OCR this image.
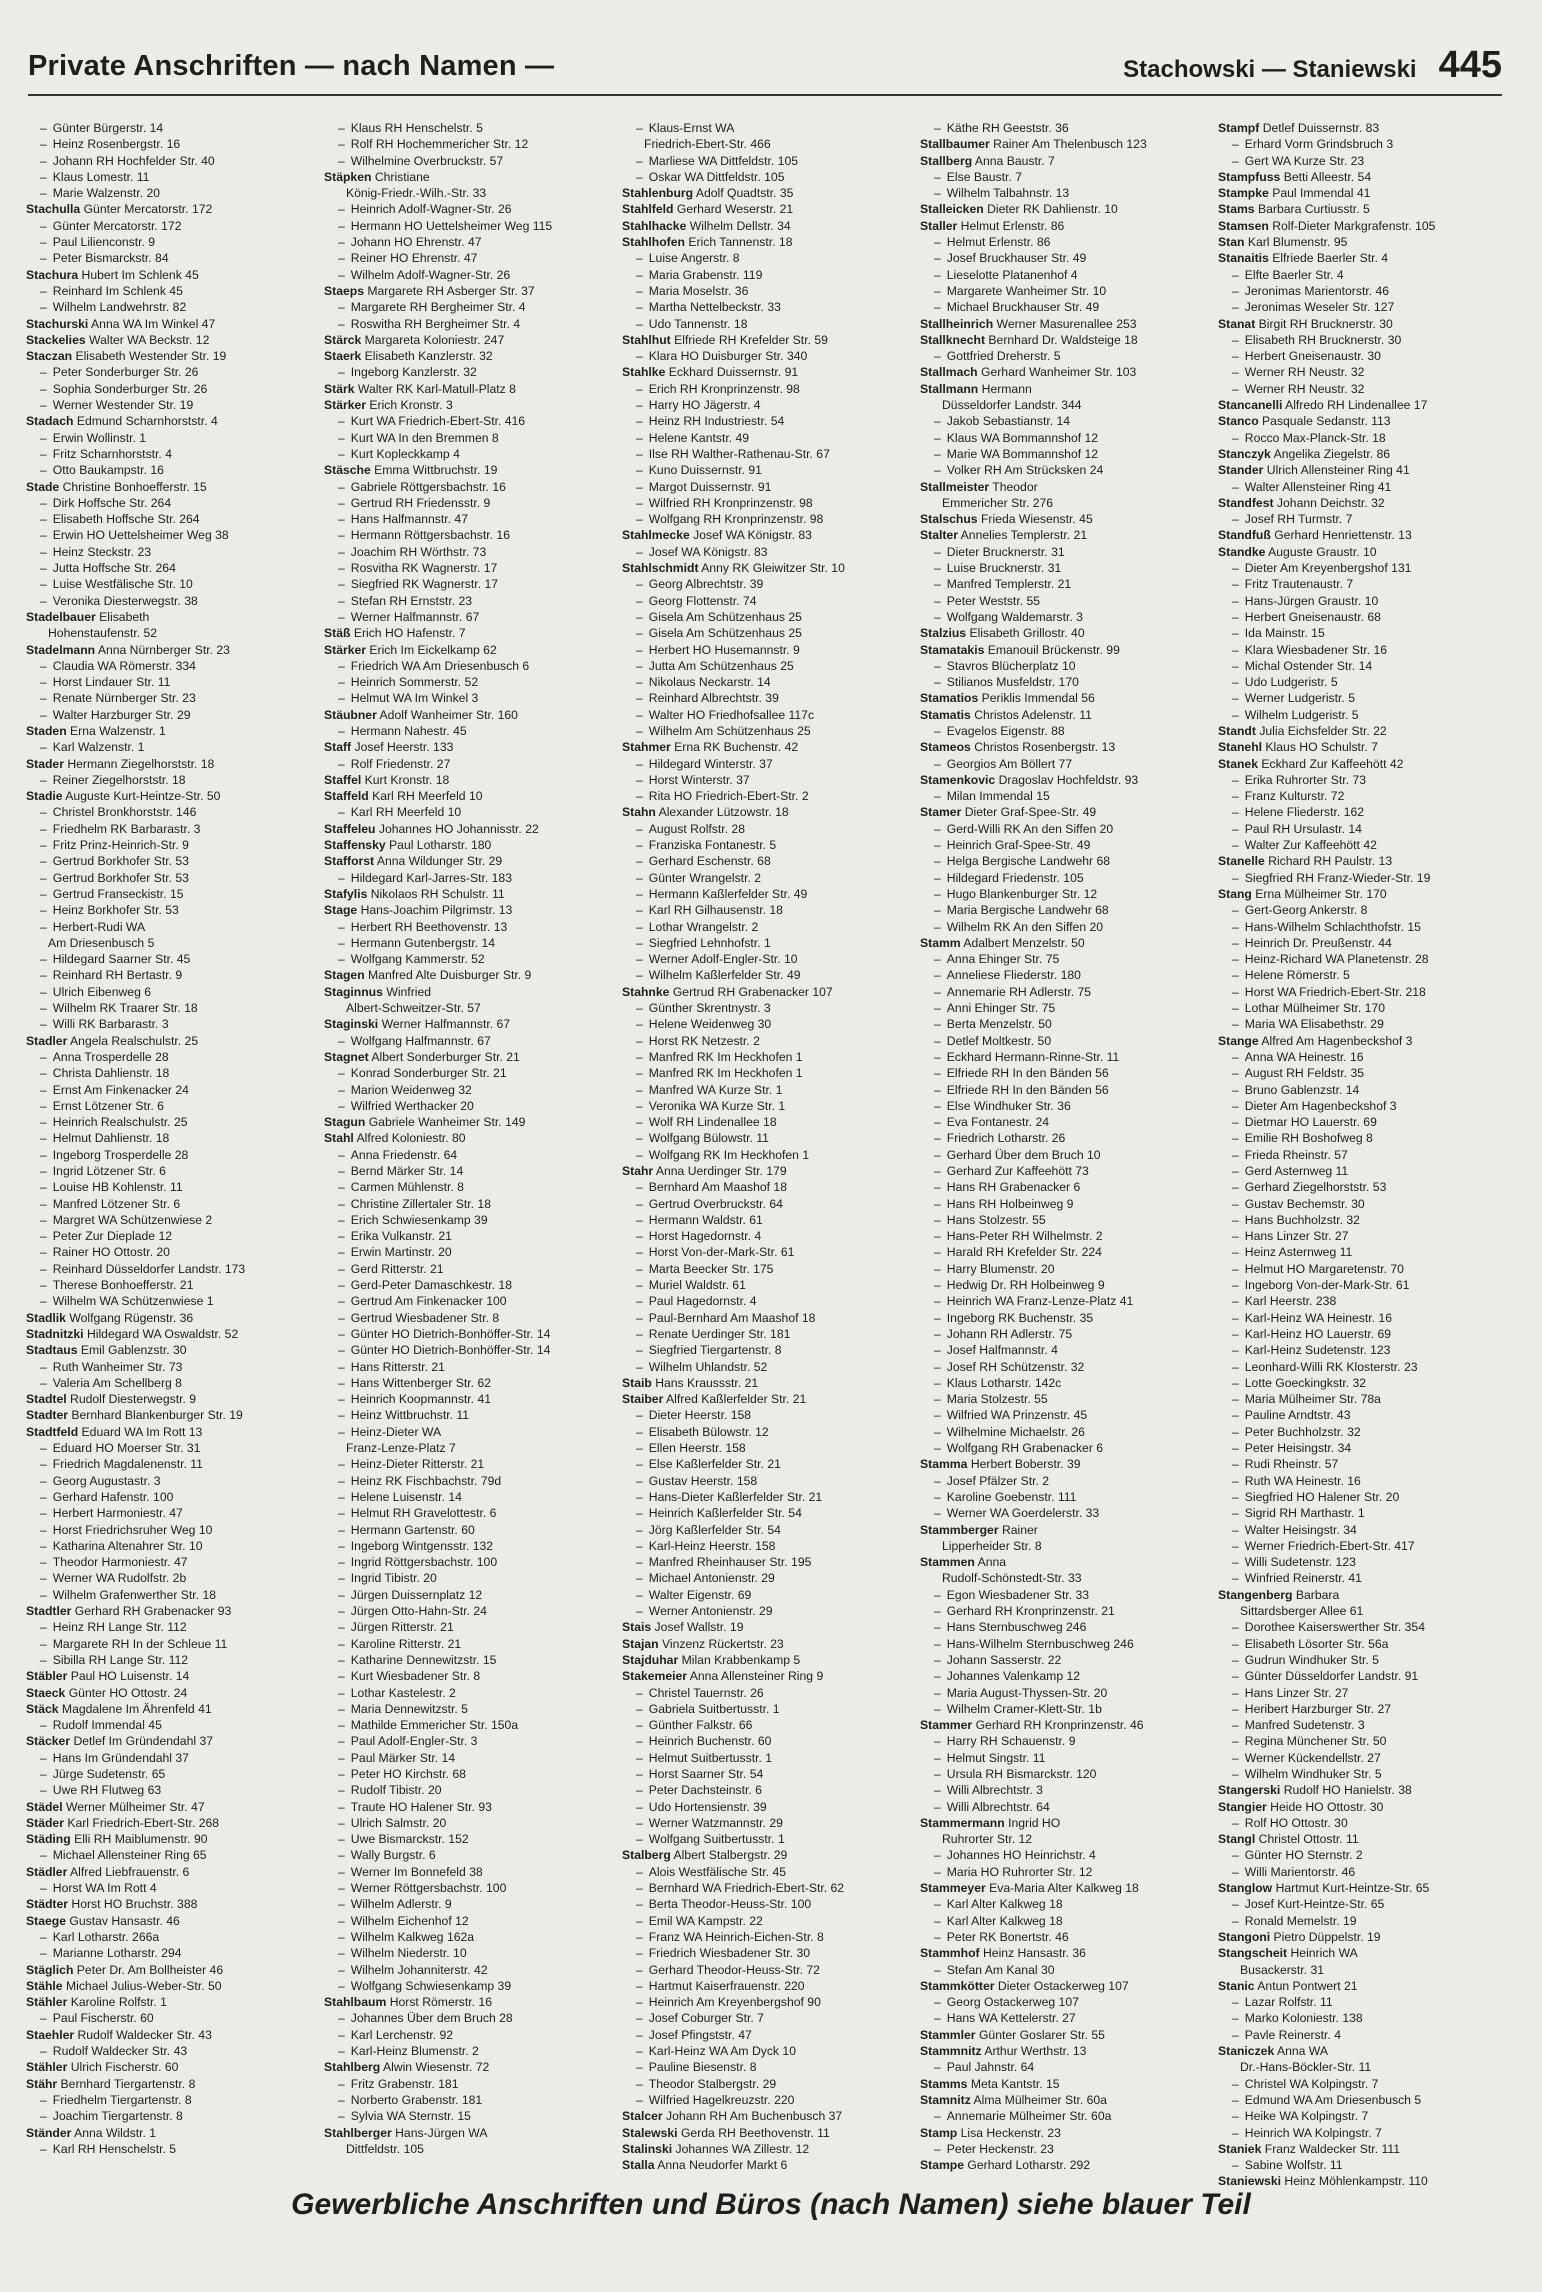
Private Anschriften — nach Namen —	Stachowski — Staniewski 445
– Günter Bürgerstr. 14
– Heinz Rosenbergstr. 16
– Johann RH Hochfelder Str. 40
– Klaus Lomestr. 11
– Marie Walzenstr. 20
Stachulla Günter Mercatorstr. 172
– Günter Mercatorstr. 172
– Paul Lilienconstr. 9
– Peter Bismarckstr. 84
Stachura Hubert Im Schlenk 45
– Reinhard Im Schlenk 45
– Wilhelm Landwehrstr. 82
Stachurski Anna WA Im Winkel 47
Stackelies Walter WA Beckstr. 12
Staczan Elisabeth Westender Str. 19
– Peter Sonderburger Str. 26
– Sophia Sonderburger Str. 26
– Werner Westender Str. 19
Stadach Edmund Scharnhorststr. 4
– Erwin Wollinstr. 1
– Fritz Scharnhorststr. 4
– Otto Baukampstr. 16
Stade Christine Bonhoefferstr. 15
– Dirk Hoffsche Str. 264
– Elisabeth Hoffsche Str. 264
– Erwin HO Uettelsheimer Weg 38
– Heinz Steckstr. 23
– Jutta Hoffsche Str. 264
– Luise Westfälische Str. 10
– Veronika Diesterwegstr. 38
Stadelbauer Elisabeth
Hohenstaufenstr. 52
Stadelmann Anna Nürnberger Str. 23
– Claudia WA Römerstr. 334
– Horst Lindauer Str. 11
– Renate Nürnberger Str. 23
– Walter Harzburger Str. 29
Staden Erna Walzenstr. 1
– Karl Walzenstr. 1
Stader Hermann Ziegelhorststr. 18
– Reiner Ziegelhorststr. 18
Stadie Auguste Kurt-Heintze-Str. 50
– Christel Bronkhorststr. 146
– Friedhelm RK Barbarastr. 3
– Fritz Prinz-Heinrich-Str. 9
– Gertrud Borkhofer Str. 53
– Gertrud Borkhofer Str. 53
– Gertrud Franseckistr. 15
– Heinz Borkhofer Str. 53
– Herbert-Rudi WA
Am Driesenbusch 5
– Hildegard Saarner Str. 45
– Reinhard RH Bertastr. 9
– Ulrich Eibenweg 6
– Wilhelm RK Traarer Str. 18
– Willi RK Barbarastr. 3
Stadler Angela Realschulstr. 25
– Anna Trosperdelle 28
– Christa Dahlienstr. 18
– Ernst Am Finkenacker 24
– Ernst Lötzener Str. 6
– Heinrich Realschulstr. 25
– Helmut Dahlienstr. 18
– Ingeborg Trosperdelle 28
– Ingrid Lötzener Str. 6
– Louise HB Kohlenstr. 11
– Manfred Lötzener Str. 6
– Margret WA Schützenwiese 2
– Peter Zur Dieplade 12
– Rainer HO Ottostr. 20
– Reinhard Düsseldorfer Landstr. 173
– Therese Bonhoefferstr. 21
– Wilhelm WA Schützenwiese 1
Stadlik Wolfgang Rügenstr. 36
Stadnitzki Hildegard WA Oswaldstr. 52
Stadtaus Emil Gablenzstr. 30
– Ruth Wanheimer Str. 73
– Valeria Am Schellberg 8
Stadtel Rudolf Diesterwegstr. 9
Stadter Bernhard Blankenburger Str. 19
Stadtfeld Eduard WA Im Rott 13
– Eduard HO Moerser Str. 31
– Friedrich Magdalenenstr. 11
– Georg Augustastr. 3
– Gerhard Hafenstr. 100
– Herbert Harmoniestr. 47
– Horst Friedrichsruher Weg 10
– Katharina Altenahrer Str. 10
– Theodor Harmoniestr. 47
– Werner WA Rudolfstr. 2b
– Wilhelm Grafenwerther Str. 18
Stadtler Gerhard RH Grabenacker 93
– Heinz RH Lange Str. 112
– Margarete RH In der Schleue 11
– Sibilla RH Lange Str. 112
Stäbler Paul HO Luisenstr. 14
Staeck Günter HO Ottostr. 24
Stäck Magdalene Im Ährenfeld 41
– Rudolf Immendal 45
Stäcker Detlef Im Gründendahl 37
– Hans Im Gründendahl 37
– Jürge Sudetenstr. 65
– Uwe RH Flutweg 63
Städel Werner Mülheimer Str. 47
Städer Karl Friedrich-Ebert-Str. 268
Städing Elli RH Maiblumenstr. 90
– Michael Allensteiner Ring 65
Städler Alfred Liebfrauenstr. 6
– Horst WA Im Rott 4
Städter Horst HO Bruchstr. 388
Staege Gustav Hansastr. 46
– Karl Lotharstr. 266a
– Marianne Lotharstr. 294
Stäglich Peter Dr. Am Bollheister 46
Stähle Michael Julius-Weber-Str. 50
Stähler Karoline Rolfstr. 1
– Paul Fischerstr. 60
Staehler Rudolf Waldecker Str. 43
– Rudolf Waldecker Str. 43
Stähler Ulrich Fischerstr. 60
Stähr Bernhard Tiergartenstr. 8
– Friedhelm Tiergartenstr. 8
– Joachim Tiergartenstr. 8
Ständer Anna Wildstr. 1
– Karl RH Henschelstr. 5
– Klaus RH Henschelstr. 5
– Rolf RH Hochemmericher Str. 12
– Wilhelmine Overbruckstr. 57
Stäpken Christiane
König-Friedr.-Wilh.-Str. 33
– Heinrich Adolf-Wagner-Str. 26
– Hermann HO Uettelsheimer Weg 115
– Johann HO Ehrenstr. 47
– Reiner HO Ehrenstr. 47
– Wilhelm Adolf-Wagner-Str. 26
Staeps Margarete RH Asberger Str. 37
– Margarete RH Bergheimer Str. 4
– Roswitha RH Bergheimer Str. 4
Stärck Margareta Koloniestr. 247
Staerk Elisabeth Kanzlerstr. 32
– Ingeborg Kanzlerstr. 32
Stärk Walter RK Karl-Matull-Platz 8
Stärker Erich Kronstr. 3
– Kurt WA Friedrich-Ebert-Str. 416
– Kurt WA In den Bremmen 8
– Kurt Kopleckkamp 4
Stäsche Emma Wittbruchstr. 19
– Gabriele Röttgersbachstr. 16
– Gertrud RH Friedensstr. 9
– Hans Halfmannstr. 47
– Hermann Röttgersbachstr. 16
– Joachim RH Wörthstr. 73
– Rosvitha RK Wagnerstr. 17
– Siegfried RK Wagnerstr. 17
– Stefan RH Ernststr. 23
– Werner Halfmannstr. 67
Stäß Erich HO Hafenstr. 7
Stärker Erich Im Eickelkamp 62
– Friedrich WA Am Driesenbusch 6
– Heinrich Sommerstr. 52
– Helmut WA Im Winkel 3
Stäubner Adolf Wanheimer Str. 160
– Hermann Nahestr. 45
Staff Josef Heerstr. 133
– Rolf Friedenstr. 27
Staffel Kurt Kronstr. 18
Staffeld Karl RH Meerfeld 10
– Karl RH Meerfeld 10
Staffeleu Johannes HO Johannisstr. 22
Staffensky Paul Lotharstr. 180
Stafforst Anna Wildunger Str. 29
– Hildegard Karl-Jarres-Str. 183
Stafylis Nikolaos RH Schulstr. 11
Stage Hans-Joachim Pilgrimstr. 13
– Herbert RH Beethovenstr. 13
– Hermann Gutenbergstr. 14
– Wolfgang Kammerstr. 52
Stagen Manfred Alte Duisburger Str. 9
Staginnus Winfried
Albert-Schweitzer-Str. 57
Staginski Werner Halfmannstr. 67
– Wolfgang Halfmannstr. 67
Stagnet Albert Sonderburger Str. 21
– Konrad Sonderburger Str. 21
– Marion Weidenweg 32
– Wilfried Werthacker 20
Stagun Gabriele Wanheimer Str. 149
Stahl Alfred Koloniestr. 80
– Anna Friedenstr. 64
– Bernd Märker Str. 14
– Carmen Mühlenstr. 8
– Christine Zillertaler Str. 18
– Erich Schwiesenkamp 39
– Erika Vulkanstr. 21
– Erwin Martinstr. 20
– Gerd Ritterstr. 21
– Gerd-Peter Damaschkestr. 18
– Gertrud Am Finkenacker 100
– Gertrud Wiesbadener Str. 8
– Günter HO Dietrich-Bonhöffer-Str. 14
– Günter HO Dietrich-Bonhöffer-Str. 14
– Hans Ritterstr. 21
– Hans Wittenberger Str. 62
– Heinrich Koopmannstr. 41
– Heinz Wittbruchstr. 11
– Heinz-Dieter WA
Franz-Lenze-Platz 7
– Heinz-Dieter Ritterstr. 21
– Heinz RK Fischbachstr. 79d
– Helene Luisenstr. 14
– Helmut RH Gravelottestr. 6
– Hermann Gartenstr. 60
– Ingeborg Wintgensstr. 132
– Ingrid Röttgersbachstr. 100
– Ingrid Tibistr. 20
– Jürgen Duissernplatz 12
– Jürgen Otto-Hahn-Str. 24
– Jürgen Ritterstr. 21
– Karoline Ritterstr. 21
– Katharine Dennewitzstr. 15
– Kurt Wiesbadener Str. 8
– Lothar Kastelestr. 2
– Maria Dennewitzstr. 5
– Mathilde Emmericher Str. 150a
– Paul Adolf-Engler-Str. 3
– Paul Märker Str. 14
– Peter HO Kirchstr. 68
– Rudolf Tibistr. 20
– Traute HO Halener Str. 93
– Ulrich Salmstr. 20
– Uwe Bismarckstr. 152
– Wally Burgstr. 6
– Werner Im Bonnefeld 38
– Werner Röttgersbachstr. 100
– Wilhelm Adlerstr. 9
– Wilhelm Eichenhof 12
– Wilhelm Kalkweg 162a
– Wilhelm Niederstr. 10
– Wilhelm Johanniterstr. 42
– Wolfgang Schwiesenkamp 39
Stahlbaum Horst Römerstr. 16
– Johannes Über dem Bruch 28
– Karl Lerchenstr. 92
– Karl-Heinz Blumenstr. 2
Stahlberg Alwin Wiesenstr. 72
– Fritz Grabenstr. 181
– Norberto Grabenstr. 181
– Sylvia WA Sternstr. 15
Stahlberger Hans-Jürgen WA
Dittfeldstr. 105
– Klaus-Ernst WA
Friedrich-Ebert-Str. 466
– Marliese WA Dittfeldstr. 105
– Oskar WA Dittfeldstr. 105
Stahlenburg Adolf Quadtstr. 35
Stahlfeld Gerhard Weserstr. 21
Stahlhacke Wilhelm Dellstr. 34
Stahlhofen Erich Tannenstr. 18
– Luise Angerstr. 8
– Maria Grabenstr. 119
– Maria Moselstr. 36
– Martha Nettelbeckstr. 33
– Udo Tannenstr. 18
Stahlhut Elfriede RH Krefelder Str. 59
– Klara HO Duisburger Str. 340
Stahlke Eckhard Duissernstr. 91
– Erich RH Kronprinzenstr. 98
– Harry HO Jägerstr. 4
– Heinz RH Industriestr. 54
– Helene Kantstr. 49
– Ilse RH Walther-Rathenau-Str. 67
– Kuno Duissernstr. 91
– Margot Duissernstr. 91
– Wilfried RH Kronprinzenstr. 98
– Wolfgang RH Kronprinzenstr. 98
Stahlmecke Josef WA Königstr. 83
– Josef WA Königstr. 83
Stahlschmidt Anny RK Gleiwitzer Str. 10
– Georg Albrechtstr. 39
– Georg Flottenstr. 74
– Gisela Am Schützenhaus 25
– Gisela Am Schützenhaus 25
– Herbert HO Husemannstr. 9
– Jutta Am Schützenhaus 25
– Nikolaus Neckarstr. 14
– Reinhard Albrechtstr. 39
– Walter HO Friedhofsallee 117c
– Wilhelm Am Schützenhaus 25
Stahmer Erna RK Buchenstr. 42
– Hildegard Winterstr. 37
– Horst Winterstr. 37
– Rita HO Friedrich-Ebert-Str. 2
Stahn Alexander Lützowstr. 18
– August Rolfstr. 28
– Franziska Fontanestr. 5
– Gerhard Eschenstr. 68
– Günter Wrangelstr. 2
– Hermann Kaßlerfelder Str. 49
– Karl RH Gilhausenstr. 18
– Lothar Wrangelstr. 2
– Siegfried Lehnhofstr. 1
– Werner Adolf-Engler-Str. 10
– Wilhelm Kaßlerfelder Str. 49
Stahnke Gertrud RH Grabenacker 107
– Günther Skrentnystr. 3
– Helene Weidenweg 30
– Horst RK Netzestr. 2
– Manfred RK Im Heckhofen 1
– Manfred RK Im Heckhofen 1
– Manfred WA Kurze Str. 1
– Veronika WA Kurze Str. 1
– Wolf RH Lindenallee 18
– Wolfgang Bülowstr. 11
– Wolfgang RK Im Heckhofen 1
Stahr Anna Uerdinger Str. 179
– Bernhard Am Maashof 18
– Gertrud Overbruckstr. 64
– Hermann Waldstr. 61
– Horst Hagedornstr. 4
– Horst Von-der-Mark-Str. 61
– Marta Beecker Str. 175
– Muriel Waldstr. 61
– Paul Hagedornstr. 4
– Paul-Bernhard Am Maashof 18
– Renate Uerdinger Str. 181
– Siegfried Tiergartenstr. 8
– Wilhelm Uhlandstr. 52
Staib Hans Kraussstr. 21
Staiber Alfred Kaßlerfelder Str. 21
– Dieter Heerstr. 158
– Elisabeth Bülowstr. 12
– Ellen Heerstr. 158
– Else Kaßlerfelder Str. 21
– Gustav Heerstr. 158
– Hans-Dieter Kaßlerfelder Str. 21
– Heinrich Kaßlerfelder Str. 54
– Jörg Kaßlerfelder Str. 54
– Karl-Heinz Heerstr. 158
– Manfred Rheinhauser Str. 195
– Michael Antonienstr. 29
– Walter Eigenstr. 69
– Werner Antonienstr. 29
Stais Josef Wallstr. 19
Stajan Vinzenz Rückertstr. 23
Stajduhar Milan Krabbenkamp 5
Stakemeier Anna Allensteiner Ring 9
– Christel Tauernstr. 26
– Gabriela Suitbertusstr. 1
– Günther Falkstr. 66
– Heinrich Buchenstr. 60
– Helmut Suitbertusstr. 1
– Horst Saarner Str. 54
– Peter Dachsteinstr. 6
– Udo Hortensienstr. 39
– Werner Watzmannstr. 29
– Wolfgang Suitbertusstr. 1
Stalberg Albert Stalbergstr. 29
– Alois Westfälische Str. 45
– Bernhard WA Friedrich-Ebert-Str. 62
– Berta Theodor-Heuss-Str. 100
– Emil WA Kampstr. 22
– Franz WA Heinrich-Eichen-Str. 8
– Friedrich Wiesbadener Str. 30
– Gerhard Theodor-Heuss-Str. 72
– Hartmut Kaiserfrauenstr. 220
– Heinrich Am Kreyenbergshof 90
– Josef Coburger Str. 7
– Josef Pfingststr. 47
– Karl-Heinz WA Am Dyck 10
– Pauline Biesenstr. 8
– Theodor Stalbergstr. 29
– Wilfried Hagelkreuzstr. 220
Stalcer Johann RH Am Buchenbusch 37
Stalewski Gerda RH Beethovenstr. 11
Stalinski Johannes WA Zillestr. 12
Stalla Anna Neudorfer Markt 6
– Käthe RH Geeststr. 36
Stallbaumer Rainer Am Thelenbusch 123
Stallberg Anna Baustr. 7
– Else Baustr. 7
– Wilhelm Talbahnstr. 13
Stalleicken Dieter RK Dahlienstr. 10
Staller Helmut Erlenstr. 86
– Helmut Erlenstr. 86
– Josef Bruckhauser Str. 49
– Lieselotte Platanenhof 4
– Margarete Wanheimer Str. 10
– Michael Bruckhauser Str. 49
Stallheinrich Werner Masurenallee 253
Stallknecht Bernhard Dr. Waldsteige 18
– Gottfried Dreherstr. 5
Stallmach Gerhard Wanheimer Str. 103
Stallmann Hermann
Düsseldorfer Landstr. 344
– Jakob Sebastianstr. 14
– Klaus WA Bommannshof 12
– Marie WA Bommannshof 12
– Volker RH Am Strücksken 24
Stallmeister Theodor
Emmericher Str. 276
Stalschus Frieda Wiesenstr. 45
Stalter Annelies Templerstr. 21
– Dieter Brucknerstr. 31
– Luise Brucknerstr. 31
– Manfred Templerstr. 21
– Peter Weststr. 55
– Wolfgang Waldemarstr. 3
Stalzius Elisabeth Grillostr. 40
Stamatakis Emanouil Brückenstr. 99
– Stavros Blücherplatz 10
– Stilianos Musfeldstr. 170
Stamatios Periklis Immendal 56
Stamatis Christos Adelenstr. 11
– Evagelos Eigenstr. 88
Stameos Christos Rosenbergstr. 13
– Georgios Am Böllert 77
Stamenkovic Dragoslav Hochfeldstr. 93
– Milan Immendal 15
Stamer Dieter Graf-Spee-Str. 49
– Gerd-Willi RK An den Siffen 20
– Heinrich Graf-Spee-Str. 49
– Helga Bergische Landwehr 68
– Hildegard Friedenstr. 105
– Hugo Blankenburger Str. 12
– Maria Bergische Landwehr 68
– Wilhelm RK An den Siffen 20
Stamm Adalbert Menzelstr. 50
– Anna Ehinger Str. 75
– Anneliese Fliederstr. 180
– Annemarie RH Adlerstr. 75
– Anni Ehinger Str. 75
– Berta Menzelstr. 50
– Detlef Moltkestr. 50
– Eckhard Hermann-Rinne-Str. 11
– Elfriede RH In den Bänden 56
– Elfriede RH In den Bänden 56
– Else Windhuker Str. 36
– Eva Fontanestr. 24
– Friedrich Lotharstr. 26
– Gerhard Über dem Bruch 10
– Gerhard Zur Kaffeehött 73
– Hans RH Grabenacker 6
– Hans RH Holbeinweg 9
– Hans Stolzestr. 55
– Hans-Peter RH Wilhelmstr. 2
– Harald RH Krefelder Str. 224
– Harry Blumenstr. 20
– Hedwig Dr. RH Holbeinweg 9
– Heinrich WA Franz-Lenze-Platz 41
– Ingeborg RK Buchenstr. 35
– Johann RH Adlerstr. 75
– Josef Halfmannstr. 4
– Josef RH Schützenstr. 32
– Klaus Lotharstr. 142c
– Maria Stolzestr. 55
– Wilfried WA Prinzenstr. 45
– Wilhelmine Michaelstr. 26
– Wolfgang RH Grabenacker 6
Stamma Herbert Boberstr. 39
– Josef Pfälzer Str. 2
– Karoline Goebenstr. 111
– Werner WA Goerdelerstr. 33
Stammberger Rainer
Lipperheider Str. 8
Stammen Anna
Rudolf-Schönstedt-Str. 33
– Egon Wiesbadener Str. 33
– Gerhard RH Kronprinzenstr. 21
– Hans Sternbuschweg 246
– Hans-Wilhelm Sternbuschweg 246
– Johann Sasserstr. 22
– Johannes Valenkamp 12
– Maria August-Thyssen-Str. 20
– Wilhelm Cramer-Klett-Str. 1b
Stammer Gerhard RH Kronprinzenstr. 46
– Harry RH Schauenstr. 9
– Helmut Singstr. 11
– Ursula RH Bismarckstr. 120
– Willi Albrechtstr. 3
– Willi Albrechtstr. 64
Stammermann Ingrid HO
Ruhrorter Str. 12
– Johannes HO Heinrichstr. 4
– Maria HO Ruhrorter Str. 12
Stammeyer Eva-Maria Alter Kalkweg 18
– Karl Alter Kalkweg 18
– Karl Alter Kalkweg 18
– Peter RK Bonertstr. 46
Stammhof Heinz Hansastr. 36
– Stefan Am Kanal 30
Stammkötter Dieter Ostackerweg 107
– Georg Ostackerweg 107
– Hans WA Kettelerstr. 27
Stammler Günter Goslarer Str. 55
Stammnitz Arthur Werthstr. 13
– Paul Jahnstr. 64
Stamms Meta Kantstr. 15
Stamnitz Alma Mülheimer Str. 60a
– Annemarie Mülheimer Str. 60a
Stamp Lisa Heckenstr. 23
– Peter Heckenstr. 23
Stampe Gerhard Lotharstr. 292
Stampf Detlef Duissernstr. 83
– Erhard Vorm Grindsbruch 3
– Gert WA Kurze Str. 23
Stampfuss Betti Alleestr. 54
Stampke Paul Immendal 41
Stams Barbara Curtiusstr. 5
Stamsen Rolf-Dieter Markgrafenstr. 105
Stan Karl Blumenstr. 95
Stanaitis Elfriede Baerler Str. 4
– Elfte Baerler Str. 4
– Jeronimas Marientorstr. 46
– Jeronimas Weseler Str. 127
Stanat Birgit RH Brucknerstr. 30
– Elisabeth RH Brucknerstr. 30
– Herbert Gneisenaustr. 30
– Werner RH Neustr. 32
– Werner RH Neustr. 32
Stancanelli Alfredo RH Lindenallee 17
Stanco Pasquale Sedanstr. 113
– Rocco Max-Planck-Str. 18
Stanczyk Angelika Ziegelstr. 86
Stander Ulrich Allensteiner Ring 41
– Walter Allensteiner Ring 41
Standfest Johann Deichstr. 32
– Josef RH Turmstr. 7
Standfuß Gerhard Henriettenstr. 13
Standke Auguste Graustr. 10
– Dieter Am Kreyenbergshof 131
– Fritz Trautenaustr. 7
– Hans-Jürgen Graustr. 10
– Herbert Gneisenaustr. 68
– Ida Mainstr. 15
– Klara Wiesbadener Str. 16
– Michal Ostender Str. 14
– Udo Ludgeristr. 5
– Werner Ludgeristr. 5
– Wilhelm Ludgeristr. 5
Standt Julia Eichsfelder Str. 22
Stanehl Klaus HO Schulstr. 7
Stanek Eckhard Zur Kaffeehött 42
– Erika Ruhrorter Str. 73
– Franz Kulturstr. 72
– Helene Fliederstr. 162
– Paul RH Ursulastr. 14
– Walter Zur Kaffeehött 42
Stanelle Richard RH Paulstr. 13
– Siegfried RH Franz-Wieder-Str. 19
Stang Erna Mülheimer Str. 170
– Gert-Georg Ankerstr. 8
– Hans-Wilhelm Schlachthofstr. 15
– Heinrich Dr. Preußenstr. 44
– Heinz-Richard WA Planetenstr. 28
– Helene Römerstr. 5
– Horst WA Friedrich-Ebert-Str. 218
– Lothar Mülheimer Str. 170
– Maria WA Elisabethstr. 29
Stange Alfred Am Hagenbeckshof 3
– Anna WA Heinestr. 16
– August RH Feldstr. 35
– Bruno Gablenzstr. 14
– Dieter Am Hagenbeckshof 3
– Dietmar HO Lauerstr. 69
– Emilie RH Boshofweg 8
– Frieda Rheinstr. 57
– Gerd Asternweg 11
– Gerhard Ziegelhorststr. 53
– Gustav Bechemstr. 30
– Hans Buchholzstr. 32
– Hans Linzer Str. 27
– Heinz Asternweg 11
– Helmut HO Margaretenstr. 70
– Ingeborg Von-der-Mark-Str. 61
– Karl Heerstr. 238
– Karl-Heinz WA Heinestr. 16
– Karl-Heinz HO Lauerstr. 69
– Karl-Heinz Sudetenstr. 123
– Leonhard-Willi RK Klosterstr. 23
– Lotte Goeckingkstr. 32
– Maria Mülheimer Str. 78a
– Pauline Arndtstr. 43
– Peter Buchholzstr. 32
– Peter Heisingstr. 34
– Rudi Rheinstr. 57
– Ruth WA Heinestr. 16
– Siegfried HO Halener Str. 20
– Sigrid RH Marthastr. 1
– Walter Heisingstr. 34
– Werner Friedrich-Ebert-Str. 417
– Willi Sudetenstr. 123
– Winfried Reinerstr. 41
Stangenberg Barbara
Sittardsberger Allee 61
– Dorothee Kaiserswerther Str. 354
– Elisabeth Lösorter Str. 56a
– Gudrun Windhuker Str. 5
– Günter Düsseldorfer Landstr. 91
– Hans Linzer Str. 27
– Heribert Harzburger Str. 27
– Manfred Sudetenstr. 3
– Regina Münchener Str. 50
– Werner Kückendellstr. 27
– Wilhelm Windhuker Str. 5
Stangerski Rudolf HO Hanielstr. 38
Stangier Heide HO Ottostr. 30
– Rolf HO Ottostr. 30
Stangl Christel Ottostr. 11
– Günter HO Sternstr. 2
– Willi Marientorstr. 46
Stanglow Hartmut Kurt-Heintze-Str. 65
– Josef Kurt-Heintze-Str. 65
– Ronald Memelstr. 19
Stangoni Pietro Düppelstr. 19
Stangscheit Heinrich WA
Busackerstr. 31
Stanic Antun Pontwert 21
– Lazar Rolfstr. 11
– Marko Koloniestr. 138
– Pavle Reinerstr. 4
Staniczek Anna WA
Dr.-Hans-Böckler-Str. 11
– Christel WA Kolpingstr. 7
– Edmund WA Am Driesenbusch 5
– Heike WA Kolpingstr. 7
– Heinrich WA Kolpingstr. 7
Staniek Franz Waldecker Str. 111
– Sabine Wolfstr. 11
Staniewski Heinz Möhlenkampstr. 110
Gewerbliche Anschriften und Büros (nach Namen) siehe blauer Teil
